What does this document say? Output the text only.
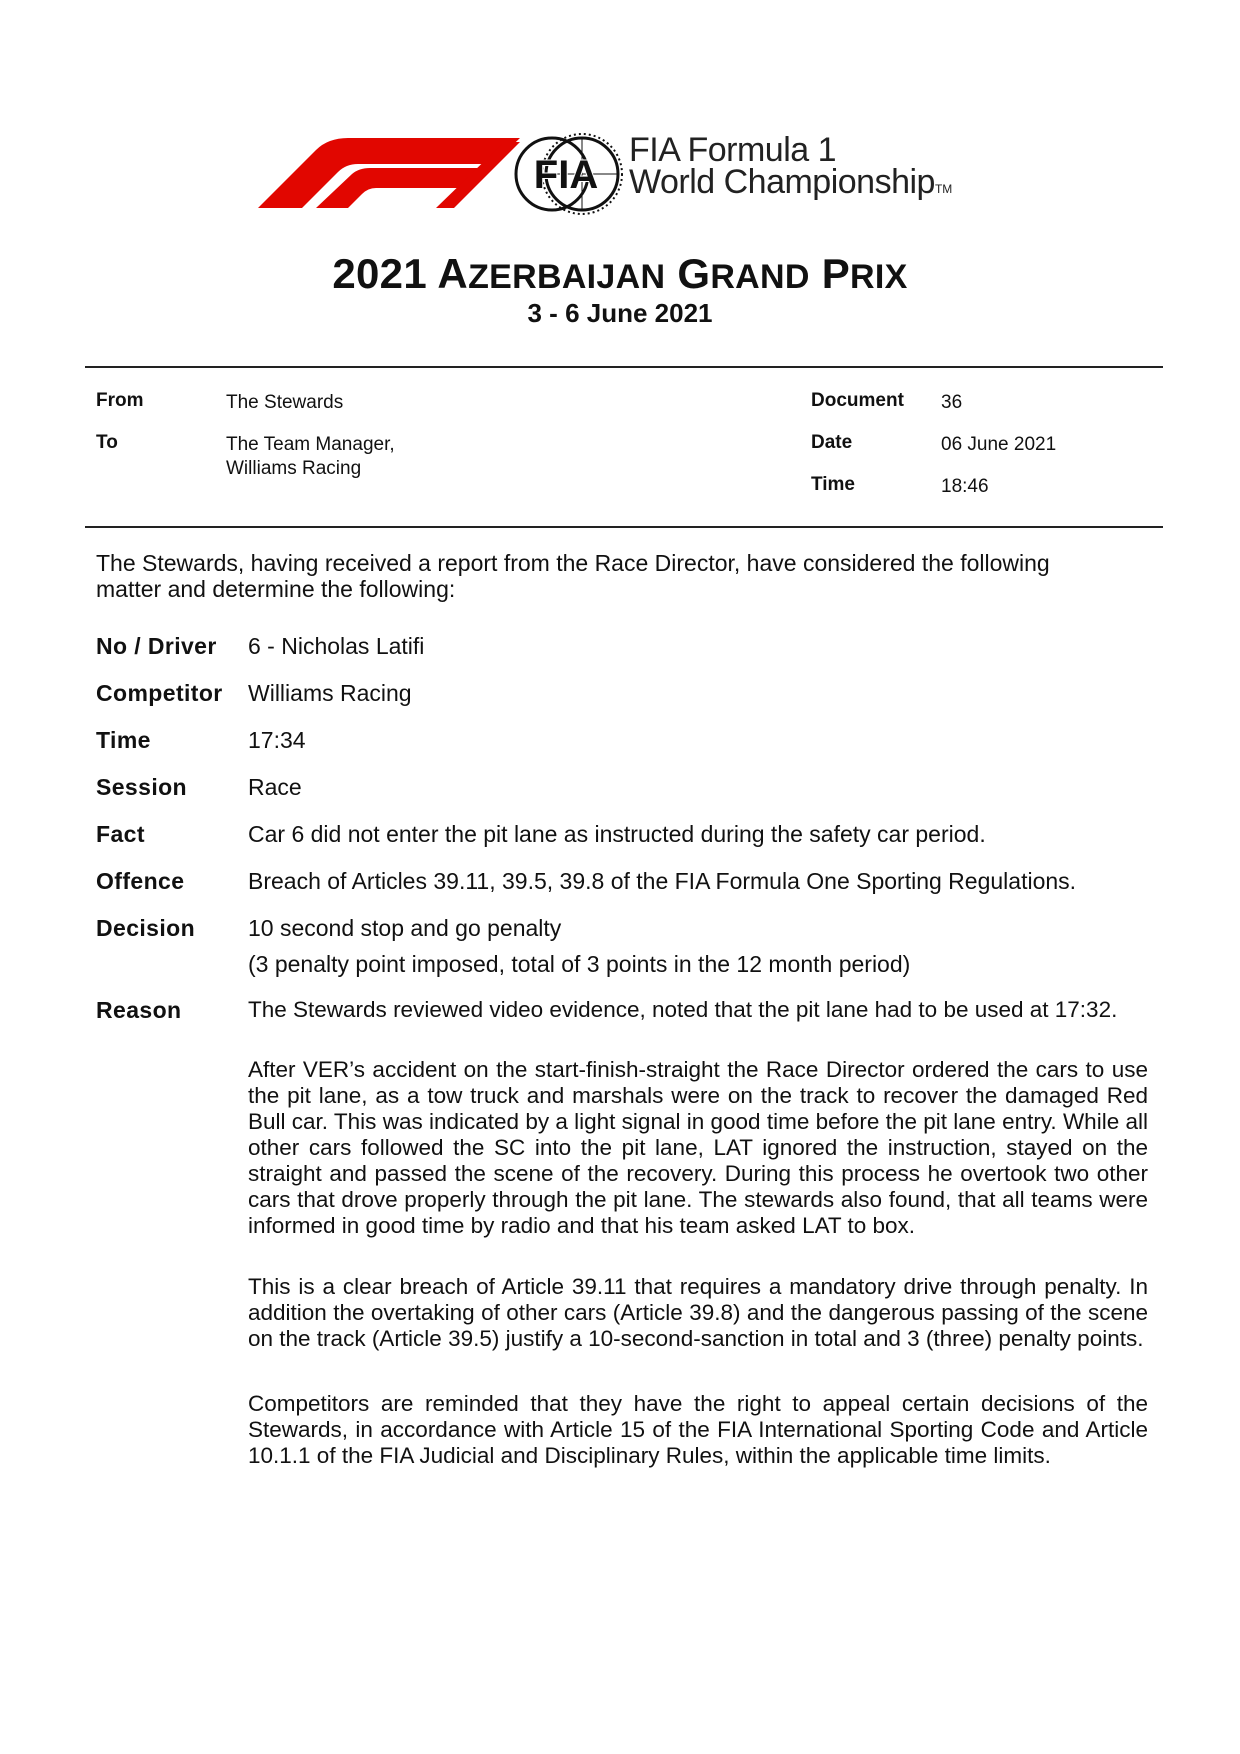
FIA
FIA Formula 1
World ChampionshipTM
2021 AZERBAIJAN GRAND PRIX
3 - 6 June 2021
From	The Stewards
To	The Team Manager,
Williams Racing
Document 36
Date	06 June 2021
Time	18:46
The Stewards, having received a report from the Race Director, have considered the following matter and determine the following:
No / Driver 6 - Nicholas Latifi
Competitor Williams Racing
Time	17:34
Session	Race
Fact	Car 6 did not enter the pit lane as instructed during the safety car period.
Offence	Breach of Articles 39.11, 39.5, 39.8 of the FIA Formula One Sporting Regulations.
Decision 10 second stop and go penalty
(3 penalty point imposed, total of 3 points in the 12 month period)
Reason	The Stewards reviewed video evidence, noted that the pit lane had to be used at 17:32.
After VER’s accident on the start-finish-straight the Race Director ordered the cars to use the pit lane, as a tow truck and marshals were on the track to recover the damaged Red Bull car. This was indicated by a light signal in good time before the pit lane entry. While all other cars followed the SC into the pit lane, LAT ignored the instruction, stayed on the straight and passed the scene of the recovery. During this process he overtook two other cars that drove properly through the pit lane. The stewards also found, that all teams were informed in good time by radio and that his team asked LAT to box.
This is a clear breach of Article 39.11 that requires a mandatory drive through penalty. In addition the overtaking of other cars (Article 39.8) and the dangerous passing of the scene on the track (Article 39.5) justify a 10-second-sanction in total and 3 (three) penalty points.
Competitors are reminded that they have the right to appeal certain decisions of the Stewards, in accordance with Article 15 of the FIA International Sporting Code and Article 10.1.1 of the FIA Judicial and Disciplinary Rules, within the applicable time limits.
